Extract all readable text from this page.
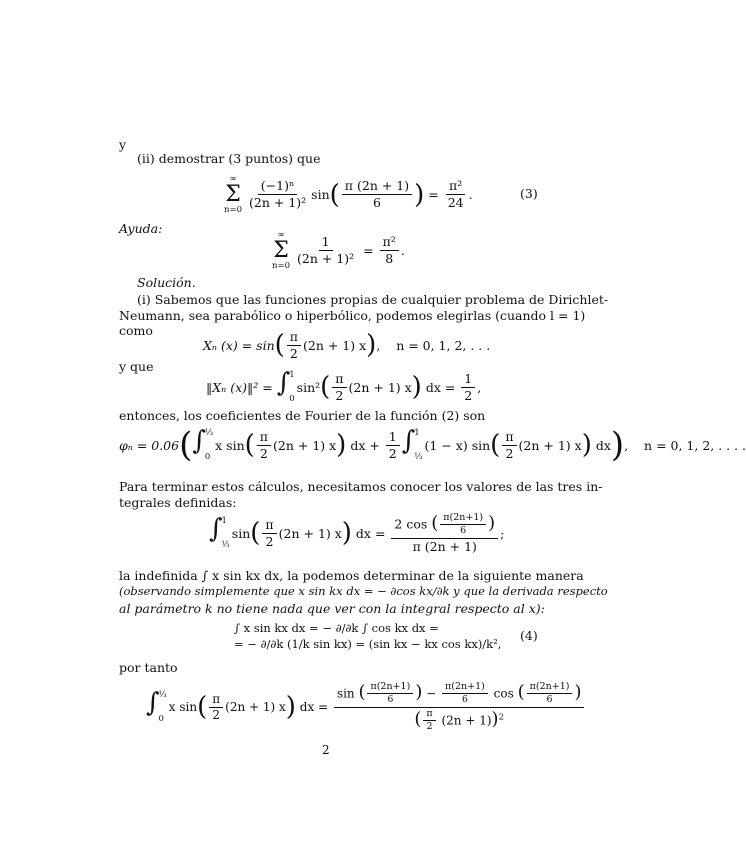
y
(ii) demostrar (3 puntos) que
∞
Σ
$n=0 \frac{\text{(−1)ⁿ}}{\text{(2n + 1)²}}$ sin ( $\frac{\pi (2n + 1)}{6}$ ) = $\frac{\text{π²}}{24}$ .	(3)
Ayuda:	∞
Σ
$n=0 \frac{1}{\text{(2n + 1)²}} = \frac{\text{π²}}{8}$ .
Solución.
(i) Sabemos que las funciones propias de cualquier problema de Dirichlet-
Neumann, sea parabólico o hiperbólico, podemos elegirlas (cuando l = 1)
como
Xₙ (x) = sin ( $\frac{\pi}{2} (2n + 1)$ x ) , n = 0, 1, 2, . . .
y que
‖Xₙ (x)‖² =
∫ 1
0
sin² ( $\frac{\pi}{2} (2n + 1)$ x )
dx =
$\frac{1}{2}$ ,
entonces, los coeficientes de Fourier de la función (2) son
φₙ = 0.06 ( ∫ ⅓
0
x sin ( $\frac{\pi}{2} (2n + 1)$ x )
dx +
$\frac{1}{2}$ ∫ 1
⅓
(1 − x) sin ( $\frac{\pi}{2} (2n + 1)$ x )
dx ) , n = 0, 1, 2, . . . .
Para terminar estos cálculos, necesitamos conocer los valores de las tres in-
tegrales definidas:
∫ 1
⅓
sin ( $\frac{\pi}{2} (2n + 1)$ x ) dx = $\frac{2 \cos ( \frac{\pi(2n+1)}{6} )}{\pi (2n + 1)}$ ;
la indefinida ∫ x sin kx dx, la podemos determinar de la siguiente manera
(observando simplemente que x sin kx dx = − ∂cos kx/∂k y que la derivada respecto
al parámetro k no tiene nada que ver con la integral respecto al x):
∫ x sin kx dx = − ∂/∂k ∫ cos kx dx =
= − ∂/∂k (1/k sin kx) = (sin kx − kx cos kx)/k²,
(4)
por tanto
∫ ⅓
0
x sin ( $\frac{\pi}{2} (2n + 1)$ x ) dx = $\frac{\sin ( \frac{\pi(2n+1)}{6} ) - \frac{\pi(2n+1)}{6} \cos ( \frac{\pi(2n+1)}{6} )}{( \frac{\pi}{2} (2n + 1))^2}$
2
